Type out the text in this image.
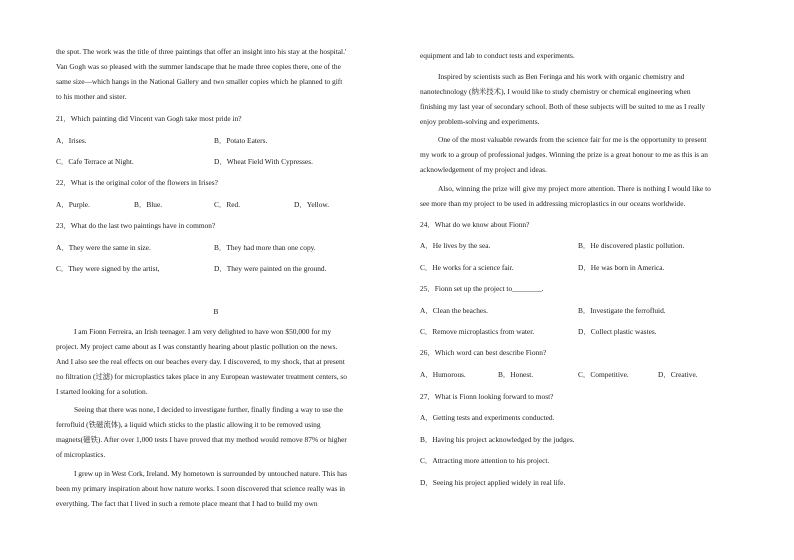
the spot. The work was the title of three paintings that offer an insight into his stay at the hospital.'
Van Gogh was so pleased with the summer landscape that he made three copies there, one of the
same size—which hangs in the National Gallery and two smaller copies which he planned to gift
to his mother and sister.
21．Which painting did Vincent van Gogh take most pride in?
A．Irises.	B．Potato Eaters.
C．Cafe Terrace at Night.	D．Wheat Field With Cypresses.
22．What is the original color of the flowers in Irises?
A．Purple.	B．Blue.	C．Red.	D．Yellow.
23．What do the last two paintings have in common?
A．They were the same in size.	B．They had more than one copy.
C．They were signed by the artist,	D．They were painted on the ground.
B
I am Fionn Ferreira, an Irish teenager. I am very delighted to have won $50,000 for my
project. My project came about as I was constantly hearing about plastic pollution on the news.
And I also see the real effects on our beaches every day. I discovered, to my shock, that at present
no filtration (过滤) for microplastics takes place in any European wastewater treatment centers, so
I started looking for a solution.
Seeing that there was none, I decided to investigate further, finally finding a way to use the
ferrofluid (铁磁流体), a liquid which sticks to the plastic allowing it to be removed using
magnets(磁铁). After over 1,000 tests I have proved that my method would remove 87% or higher
of microplastics.
I grew up in West Cork, Ireland. My hometown is surrounded by untouched nature. This has
been my primary inspiration about how nature works. I soon discovered that science really was in
everything. The fact that I lived in such a remote place meant that I had to build my own
equipment and lab to conduct tests and experiments.
Inspired by scientists such as Ben Feringa and his work with organic chemistry and
nanotechnology (纳米技术), I would like to study chemistry or chemical engineering when
finishing my last year of secondary school. Both of these subjects will be suited to me as I really
enjoy problem-solving and experiments.
One of the most valuable rewards from the science fair for me is the opportunity to present
my work to a group of professional judges. Winning the prize is a great honour to me as this is an
acknowledgement of my project and ideas.
Also, winning the prize will give my project more attention. There is nothing I would like to
see more than my project to be used in addressing microplastics in our oceans worldwide.
24．What do we know about Fionn?
A．He lives by the sea.	B．He discovered plastic pollution.
C．He works for a science fair.	D．He was born in America.
25．Fionn set up the project to________.
A．Clean the beaches.	B．Investigate the ferrofluid.
C．Remove microplastics from water.	D．Collect plastic wastes.
26．Which word can best describe Fionn?
A．Humorous.	B．Honest.	C．Competitive.	D．Creative.
27．What is Fionn looking forward to most?
A．Getting tests and experiments conducted.
B．Having his project acknowledged by the judges.
C．Attracting more attention to his project.
D．Seeing his project applied widely in real life.
